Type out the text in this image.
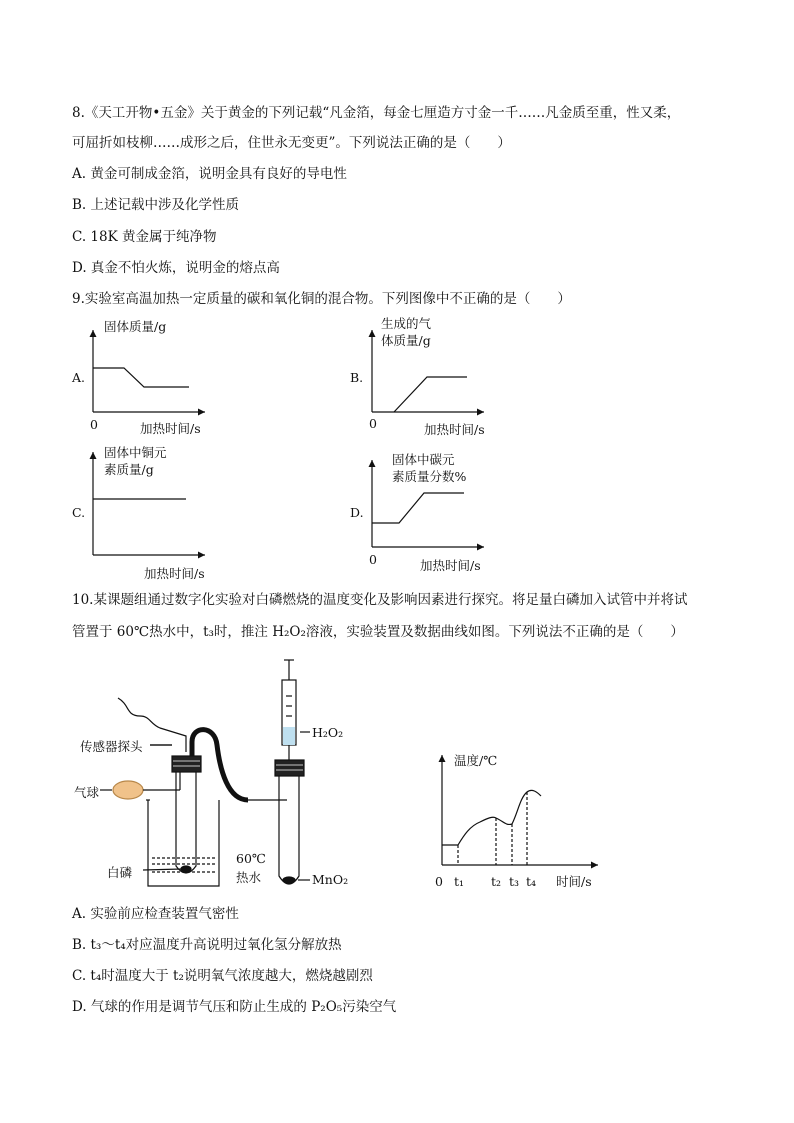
8.《天工开物•五金》关于黄金的下列记载“凡金箔，每金七厘造方寸金一千……凡金质至重，性又柔，
可屈折如枝柳……成形之后，住世永无变更”。下列说法正确的是（　　）
A. 黄金可制成金箔，说明金具有良好的导电性
B. 上述记载中涉及化学性质
C. 18K 黄金属于纯净物
D. 真金不怕火炼，说明金的熔点高
9.实验室高温加热一定质量的碳和氧化铜的混合物。下列图像中不正确的是（　　）
A.
固体质量/g
加热时间/s
0
B.
生成的气
体质量/g
加热时间/s
0
C.
固体中铜元
素质量/g
加热时间/s
D.
固体中碳元
素质量分数%
加热时间/s
0
10.某课题组通过数字化实验对白磷燃烧的温度变化及影响因素进行探究。将足量白磷加入试管中并将试
管置于 60℃热水中，t₃时，推注 H₂O₂溶液，实验装置及数据曲线如图。下列说法不正确的是（　　）
传感器探头
气球
白磷
60℃
热水
H₂O₂
MnO₂
温度/℃
时间/s
0 t₁ t₂ t₃ t₄
A. 实验前应检查装置气密性
B. t₃～t₄对应温度升高说明过氧化氢分解放热
C. t₄时温度大于 t₂说明氧气浓度越大，燃烧越剧烈
D. 气球的作用是调节气压和防止生成的 P₂O₅污染空气
